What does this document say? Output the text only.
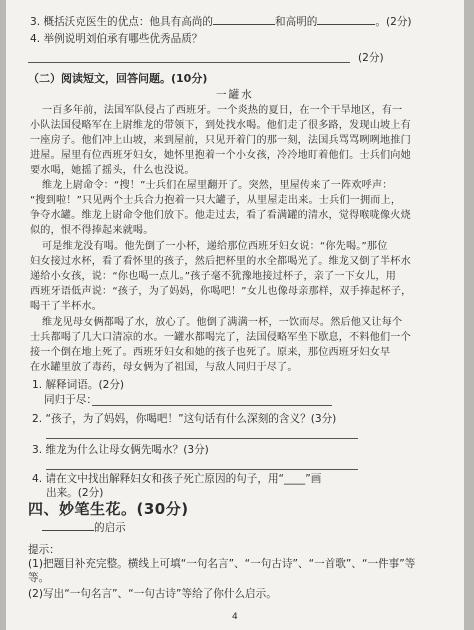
3. 概括沃克医生的优点：他具有高尚的	和高明的	。(2分)
4. 举例说明刘伯承有哪些优秀品质？
(2分)
（二）阅读短文，回答问题。(10分)
一罐水
一百多年前，法国军队侵占了西班牙。一个炎热的夏日，在一个干旱地区，有一
小队法国侵略军在上尉维龙的带领下，到处找水喝。他们走了很多路，发现山坡上有
一座房子。他们冲上山坡，来到屋前，只见开着门的那一刻，法国兵骂骂咧咧地推门
进屋。屋里有位西班牙妇女，她怀里抱着一个小女孩，冷冷地盯着他们。士兵们向她
要水喝，她摇了摇头，什么也没说。
维龙上尉命令：“搜！”士兵们在屋里翻开了。突然，里屋传来了一阵欢呼声：
“搜到啦！”只见两个士兵合力抱着一只大罐子，从里屋走出来。士兵们一拥而上，
争夺水罐。维龙上尉命令他们放下。他走过去，看了看满罐的清水，觉得喉咙像火烧
似的，恨不得捧起来就喝。
可是维龙没有喝。他先倒了一小杯，递给那位西班牙妇女说：“你先喝。”那位
妇女接过水杯，看了看怀里的孩子，然后把杯里的水全都喝光了。维龙又倒了半杯水
递给小女孩，说：“你也喝一点儿。”孩子毫不犹豫地接过杯子，亲了一下女儿，用
西班牙语低声说：“孩子，为了妈妈，你喝吧！”女儿也像母亲那样，双手捧起杯子，
喝干了半杯水。
维龙见母女俩都喝了水，放心了。他倒了满满一杯，一饮而尽。然后他又让每个
士兵都喝了几大口清凉的水。一罐水都喝完了，法国侵略军坐下歇息，不料他们一个
接一个倒在地上死了。西班牙妇女和她的孩子也死了。原来，那位西班牙妇女早
在水罐里放了毒药，母女俩为了祖国，与敌人同归于尽了。
1. 解释词语。(2分)
同归于尽：
2. “孩子，为了妈妈，你喝吧！”这句话有什么深刻的含义？(3分)
3. 维龙为什么让母女俩先喝水？(3分)
4. 请在文中找出解释妇女和孩子死亡原因的句子，用“____”画
出来。(2分)
四、妙笔生花。(30分)
的启示
提示：
(1)把题目补充完整。横线上可填“一句名言”、“一句古诗”、“一首歌”、“一件事”等
等。
(2)写出“一句名言”、“一句古诗”等给了你什么启示。
4
